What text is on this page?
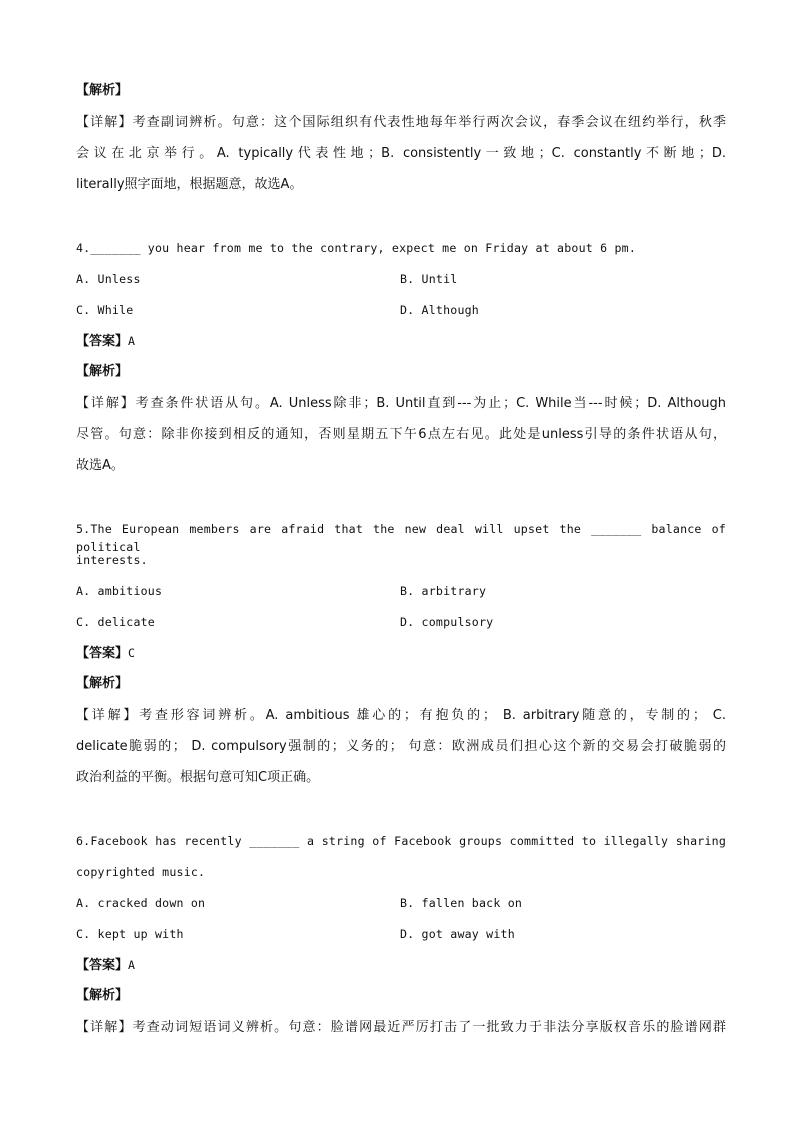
【解析】
【详解】考查副词辨析。句意：这个国际组织有代表性地每年举行两次会议，春季会议在纽约举行，秋季
会议在北京举行。A. typically代表性地；B. consistently一致地；C. constantly不断地；D.
literally照字面地，根据题意，故选A。
4._______ you hear from me to the contrary, expect me on Friday at about 6 pm.
A. Unless	B. Until
C. While	D. Although
【答案】A
【解析】
【详解】考查条件状语从句。A. Unless除非；B. Until直到---为止；C. While当---时候；D. Although
尽管。句意：除非你接到相反的通知，否则星期五下午6点左右见。此处是unless引导的条件状语从句，
故选A。
5.The European members are afraid that the new deal will upset the _______ balance of political
interests.
A. ambitious	B. arbitrary
C. delicate	D. compulsory
【答案】C
【解析】
【详解】考查形容词辨析。A. ambitious 雄心的；有抱负的； B. arbitrary随意的，专制的； C.
delicate脆弱的； D. compulsory强制的；义务的； 句意：欧洲成员们担心这个新的交易会打破脆弱的
政治利益的平衡。根据句意可知C项正确。
6.Facebook has recently _______ a string of Facebook groups committed to illegally sharing
copyrighted music.
A. cracked down on	B. fallen back on
C. kept up with	D. got away with
【答案】A
【解析】
【详解】考查动词短语词义辨析。句意：脸谱网最近严厉打击了一批致力于非法分享版权音乐的脸谱网群
